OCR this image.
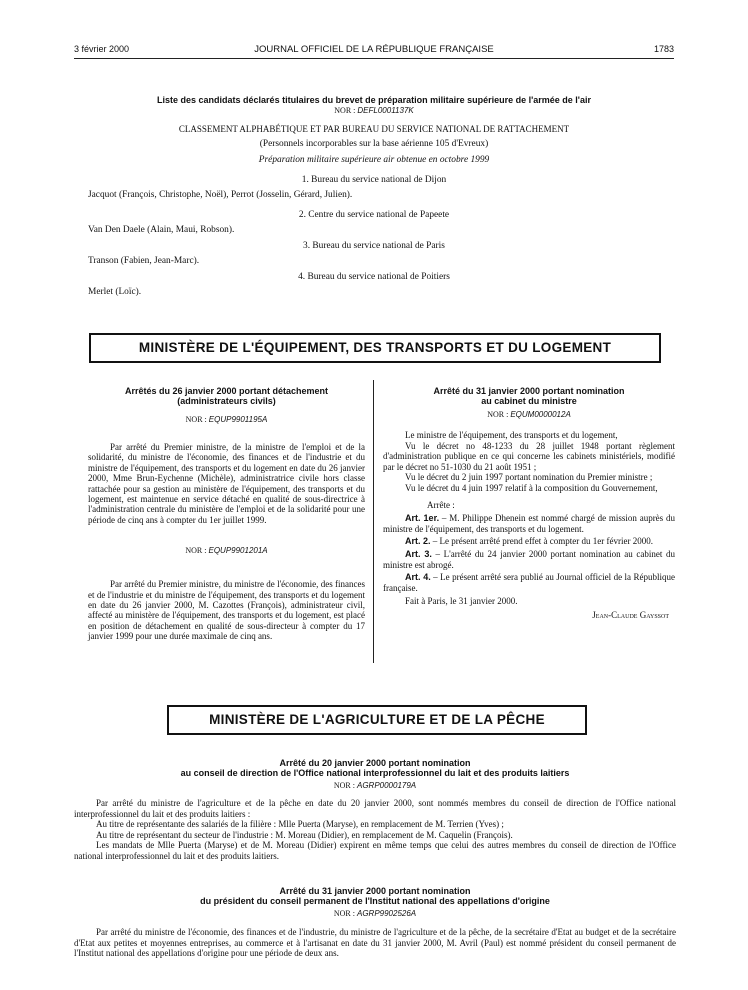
3 février 2000	JOURNAL OFFICIEL DE LA RÉPUBLIQUE FRANÇAISE	1783
Liste des candidats déclarés titulaires du brevet de préparation militaire supérieure de l'armée de l'air
NOR : DEFL0001137K
CLASSEMENT ALPHABÉTIQUE ET PAR BUREAU DU SERVICE NATIONAL DE RATTACHEMENT
(Personnels incorporables sur la base aérienne 105 d'Evreux)
Préparation militaire supérieure air obtenue en octobre 1999
1. Bureau du service national de Dijon
Jacquot (François, Christophe, Noël), Perrot (Josselin, Gérard, Julien).
2. Centre du service national de Papeete
Van Den Daele (Alain, Maui, Robson).
3. Bureau du service national de Paris
Transon (Fabien, Jean-Marc).
4. Bureau du service national de Poitiers
Merlet (Loïc).
MINISTÈRE DE L'ÉQUIPEMENT, DES TRANSPORTS ET DU LOGEMENT
Arrêtés du 26 janvier 2000 portant détachement
(administrateurs civils)
NOR : EQUP9901195A

Par arrêté du Premier ministre, de la ministre de l'emploi et de la solidarité, du ministre de l'économie, des finances et de l'industrie et du ministre de l'équipement, des transports et du logement en date du 26 janvier 2000, Mme Brun-Eychenne (Michèle), administratrice civile hors classe rattachée pour sa gestion au ministère de l'équipement, des transports et du logement, est maintenue en service détaché en qualité de sous-directrice à l'administration centrale du ministère de l'emploi et de la solidarité pour une période de cinq ans à compter du 1er juillet 1999.

NOR : EQUP9901201A

Par arrêté du Premier ministre, du ministre de l'économie, des finances et de l'industrie et du ministre de l'équipement, des transports et du logement en date du 26 janvier 2000, M. Cazottes (François), administrateur civil, affecté au ministère de l'équipement, des transports et du logement, est placé en position de détachement en qualité de sous-directeur à compter du 17 janvier 1999 pour une durée maximale de cinq ans.

Arrêté du 31 janvier 2000 portant nomination
au cabinet du ministre
NOR : EQUM0000012A

Le ministre de l'équipement, des transports et du logement,

Vu le décret no 48-1233 du 28 juillet 1948 portant règlement d'administration publique en ce qui concerne les cabinets ministériels, modifié par le décret no 51-1030 du 21 août 1951 ;

Vu le décret du 2 juin 1997 portant nomination du Premier ministre ;

Vu le décret du 4 juin 1997 relatif à la composition du Gouvernement,

Arrête :

Art. 1er. – M. Philippe Dhenein est nommé chargé de mission auprès du ministre de l'équipement, des transports et du logement.

Art. 2. – Le présent arrêté prend effet à compter du 1er février 2000.

Art. 3. – L'arrêté du 24 janvier 2000 portant nomination au cabinet du ministre est abrogé.

Art. 4. – Le présent arrêté sera publié au Journal officiel de la République française.

Fait à Paris, le 31 janvier 2000.

Jean-Claude Gayssot
MINISTÈRE DE L'AGRICULTURE ET DE LA PÊCHE
Arrêté du 20 janvier 2000 portant nomination
au conseil de direction de l'Office national interprofessionnel du lait et des produits laitiers
NOR : AGRP0000179A

Par arrêté du ministre de l'agriculture et de la pêche en date du 20 janvier 2000, sont nommés membres du conseil de direction de l'Office national interprofessionnel du lait et des produits laitiers :

Au titre de représentante des salariés de la filière : Mlle Puerta (Maryse), en remplacement de M. Terrien (Yves) ;

Au titre de représentant du secteur de l'industrie : M. Moreau (Didier), en remplacement de M. Caquelin (François).

Les mandats de Mlle Puerta (Maryse) et de M. Moreau (Didier) expirent en même temps que celui des autres membres du conseil de direction de l'Office national interprofessionnel du lait et des produits laitiers.

Arrêté du 31 janvier 2000 portant nomination
du président du conseil permanent de l'Institut national des appellations d'origine
NOR : AGRP9902526A

Par arrêté du ministre de l'économie, des finances et de l'industrie, du ministre de l'agriculture et de la pêche, de la secrétaire d'Etat au budget et de la secrétaire d'Etat aux petites et moyennes entreprises, au commerce et à l'artisanat en date du 31 janvier 2000, M. Avril (Paul) est nommé président du conseil permanent de l'Institut national des appellations d'origine pour une période de deux ans.
